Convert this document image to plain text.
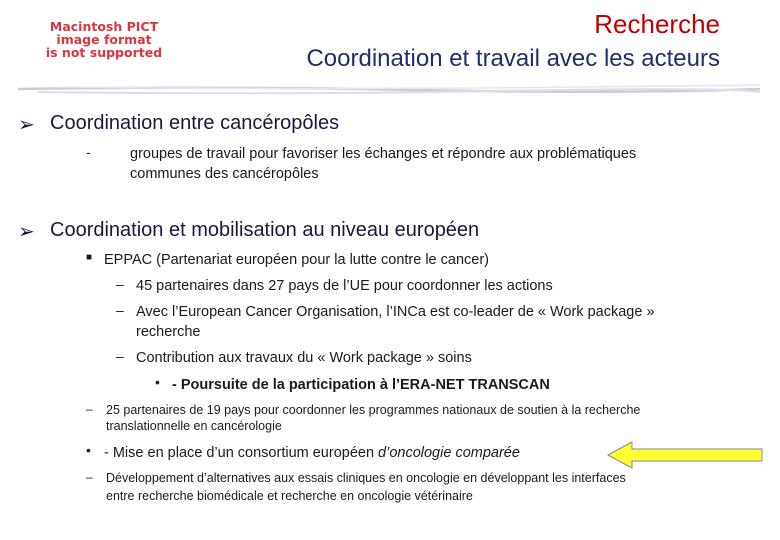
Macintosh PICT
image format
is not supported
Recherche
Coordination et travail avec les acteurs
➢ Coordination entre cancéropôles
-	groupes de travail pour favoriser les échanges et répondre aux problématiques
communes des cancéropôles
➢ Coordination et mobilisation au niveau européen
■ EPPAC (Partenariat européen pour la lutte contre le cancer)
– 45 partenaires dans 27 pays de l’UE pour coordonner les actions
– Avec l’European Cancer Organisation, l’INCa est co-leader de « Work package »
recherche
– Contribution aux travaux du « Work package » soins
• - Poursuite de la participation à l’ERA-NET TRANSCAN
– 25 partenaires de 19 pays pour coordonner les programmes nationaux de soutien à la recherche
translationnelle en cancérologie
• - Mise en place d’un consortium européen d’oncologie comparée
– Développement d’alternatives aux essais cliniques en oncologie en développant les interfaces
entre recherche biomédicale et recherche en oncologie vétérinaire
